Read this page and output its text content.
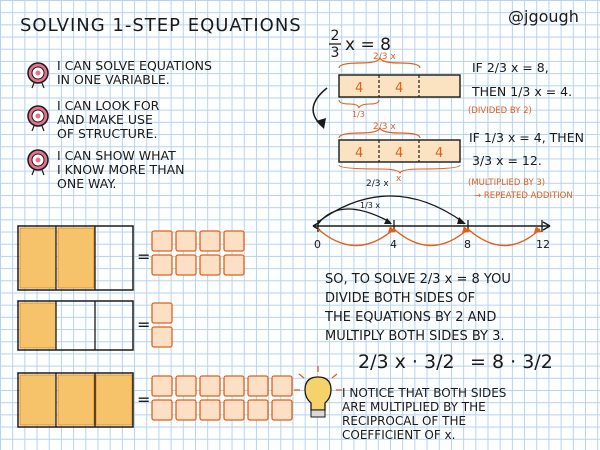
SOLVING 1-STEP EQUATIONS	@jgough
I CAN SOLVE EQUATIONS
IN ONE VARIABLE.
I CAN LOOK FOR
AND MAKE USE
OF STRUCTURE.
I CAN SHOW WHAT
I KNOW MORE THAN
ONE WAY.
=
=
=
2
3 x = 8
2/3 x
4 4
1/3
2/3 x
4 4 4
x
IF 2/3 x = 8,
THEN 1/3 x = 4.
(DIVIDED BY 2)
IF 1/3 x = 4, THEN
3/3 x = 12.
(MULTIPLIED BY 3)
→ REPEATED ADDITION
2/3 x
1/3 x
0	4	8	12
SO, TO SOLVE 2/3 x = 8 YOU
DIVIDE BOTH SIDES OF
THE EQUATIONS BY 2 AND
MULTIPLY BOTH SIDES BY 3.
2/3 x · 3/2 = 8 · 3/2
I NOTICE THAT BOTH SIDES
ARE MULTIPLIED BY THE
RECIPROCAL OF THE
COEFFICIENT OF x.
